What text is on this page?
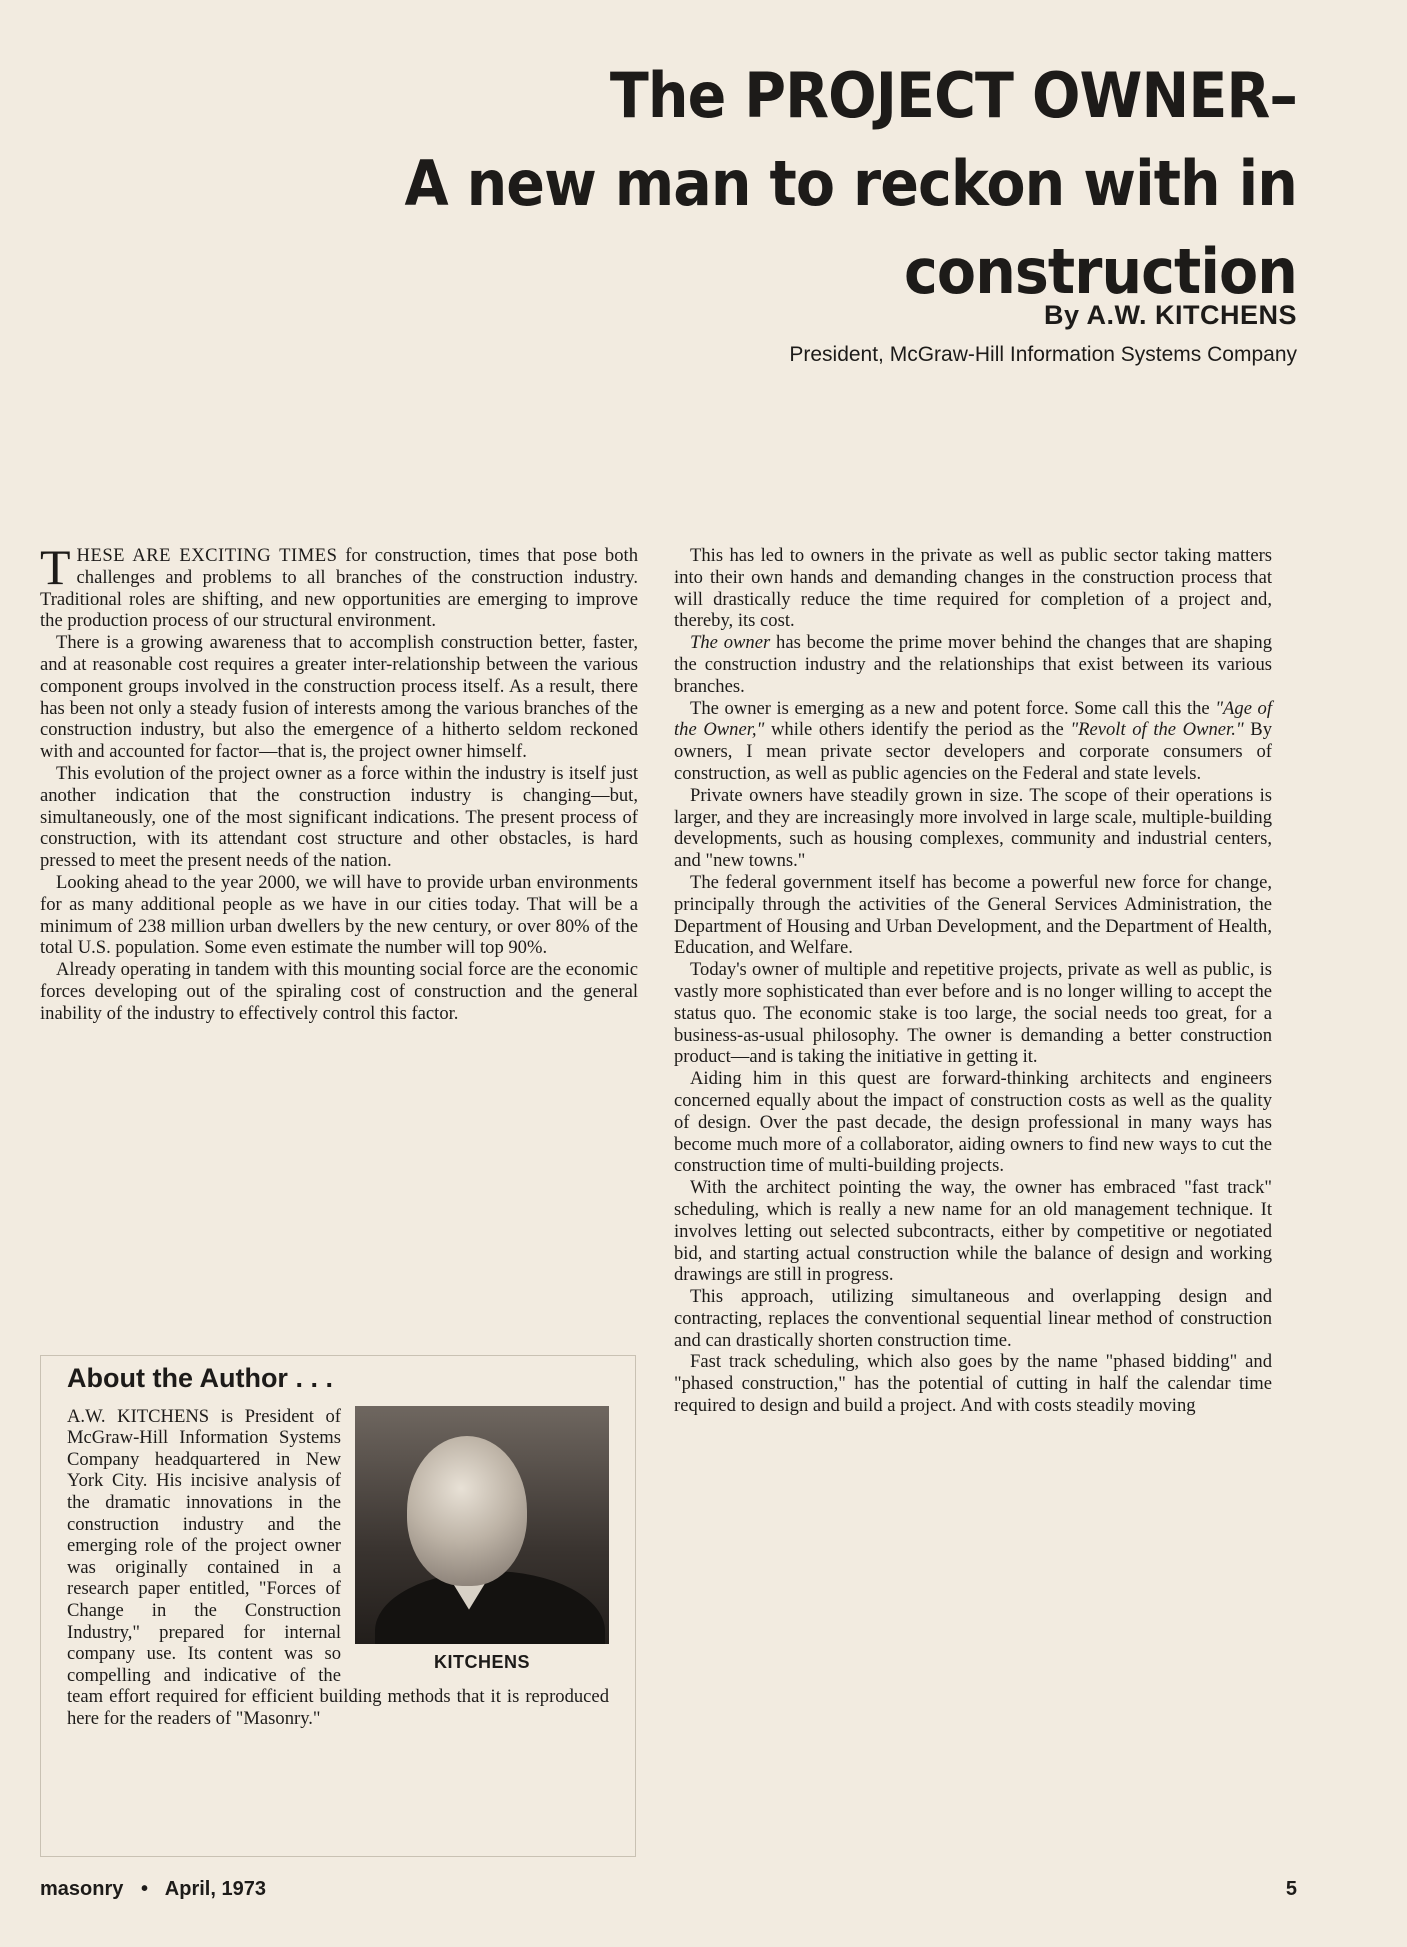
The PROJECT OWNER–
A new man to reckon with in construction
By A.W. KITCHENS
President, McGraw-Hill Information Systems Company

THESE ARE EXCITING TIMES for construction, times that pose both challenges and problems to all branches of the construction industry. Traditional roles are shifting, and new opportunities are emerging to improve the production process of our structural environment.

There is a growing awareness that to accomplish construction better, faster, and at reasonable cost requires a greater inter-relationship between the various component groups involved in the construction process itself. As a result, there has been not only a steady fusion of interests among the various branches of the construction industry, but also the emergence of a hitherto seldom reckoned with and accounted for factor—that is, the project owner himself.

This evolution of the project owner as a force within the industry is itself just another indication that the construction industry is changing—but, simultaneously, one of the most significant indications. The present process of construction, with its attendant cost structure and other obstacles, is hard pressed to meet the present needs of the nation.

Looking ahead to the year 2000, we will have to provide urban environments for as many additional people as we have in our cities today. That will be a minimum of 238 million urban dwellers by the new century, or over 80% of the total U.S. population. Some even estimate the number will top 90%.

Already operating in tandem with this mounting social force are the economic forces developing out of the spiraling cost of construction and the general inability of the industry to effectively control this factor.

About the Author . . .
KITCHENS
A.W. KITCHENS is President of McGraw-Hill Information Systems Company headquartered in New York City. His incisive analysis of the dramatic innovations in the construction industry and the emerging role of the project owner was originally contained in a research paper entitled, "Forces of Change in the Construction Industry," prepared for internal company use. Its content was so compelling and indicative of the team effort required for efficient building methods that it is reproduced here for the readers of "Masonry."

This has led to owners in the private as well as public sector taking matters into their own hands and demanding changes in the construction process that will drastically reduce the time required for completion of a project and, thereby, its cost.

The owner has become the prime mover behind the changes that are shaping the construction industry and the relationships that exist between its various branches.

The owner is emerging as a new and potent force. Some call this the "Age of the Owner," while others identify the period as the "Revolt of the Owner." By owners, I mean private sector developers and corporate consumers of construction, as well as public agencies on the Federal and state levels.

Private owners have steadily grown in size. The scope of their operations is larger, and they are increasingly more involved in large scale, multiple-building developments, such as housing complexes, community and industrial centers, and "new towns."

The federal government itself has become a powerful new force for change, principally through the activities of the General Services Administration, the Department of Housing and Urban Development, and the Department of Health, Education, and Welfare.

Today's owner of multiple and repetitive projects, private as well as public, is vastly more sophisticated than ever before and is no longer willing to accept the status quo. The economic stake is too large, the social needs too great, for a business-as-usual philosophy. The owner is demanding a better construction product—and is taking the initiative in getting it.

Aiding him in this quest are forward-thinking architects and engineers concerned equally about the impact of construction costs as well as the quality of design. Over the past decade, the design professional in many ways has become much more of a collaborator, aiding owners to find new ways to cut the construction time of multi-building projects.

With the architect pointing the way, the owner has embraced "fast track" scheduling, which is really a new name for an old management technique. It involves letting out selected subcontracts, either by competitive or negotiated bid, and starting actual construction while the balance of design and working drawings are still in progress.

This approach, utilizing simultaneous and overlapping design and contracting, replaces the conventional sequential linear method of construction and can drastically shorten construction time.

Fast track scheduling, which also goes by the name "phased bidding" and "phased construction," has the potential of cutting in half the calendar time required to design and build a project. And with costs steadily moving

masonry • April, 1973	5
